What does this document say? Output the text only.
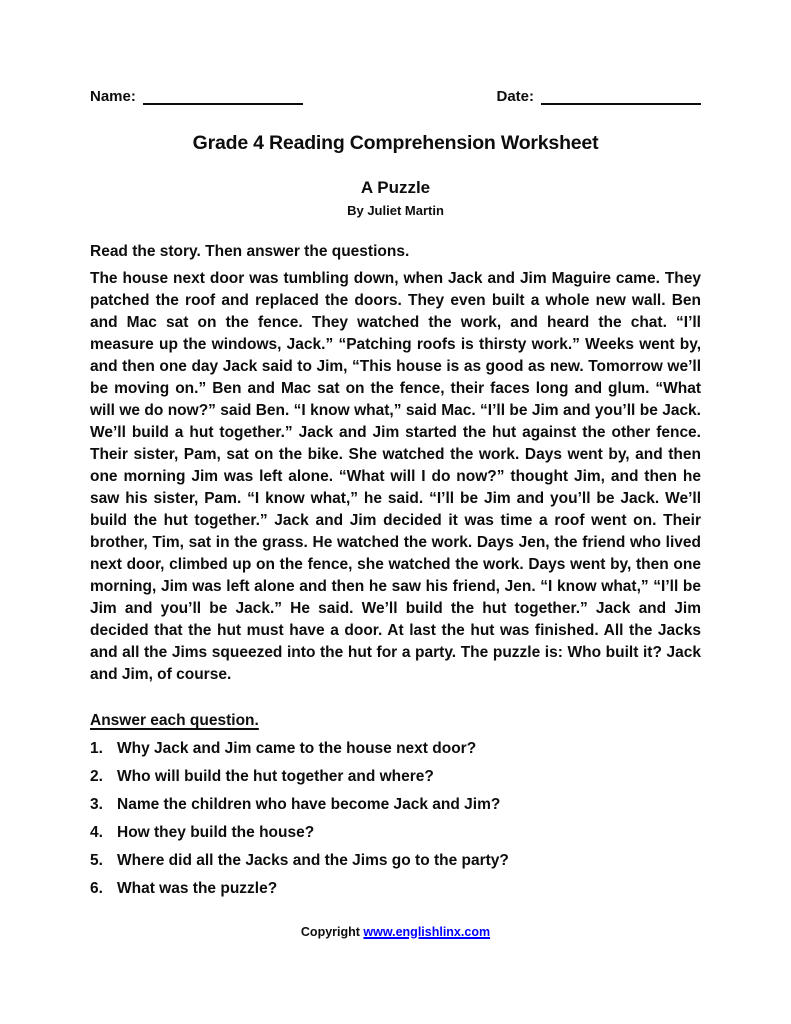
Name:	Date:
Grade 4 Reading Comprehension Worksheet
A Puzzle
By Juliet Martin
Read the story. Then answer the questions.

The house next door was tumbling down, when Jack and Jim Maguire came. They patched the roof and replaced the doors. They even built a whole new wall. Ben and Mac sat on the fence. They watched the work, and heard the chat. “I’ll measure up the windows, Jack.” “Patching roofs is thirsty work.” Weeks went by, and then one day Jack said to Jim, “This house is as good as new. Tomorrow we’ll be moving on.” Ben and Mac sat on the fence, their faces long and glum. “What will we do now?” said Ben. “I know what,” said Mac. “I’ll be Jim and you’ll be Jack. We’ll build a hut together.” Jack and Jim started the hut against the other fence. Their sister, Pam, sat on the bike. She watched the work. Days went by, and then one morning Jim was left alone. “What will I do now?” thought Jim, and then he saw his sister, Pam. “I know what,” he said. “I’ll be Jim and you’ll be Jack. We’ll build the hut together.” Jack and Jim decided it was time a roof went on. Their brother, Tim, sat in the grass. He watched the work. Days Jen, the friend who lived next door, climbed up on the fence, she watched the work. Days went by, then one morning, Jim was left alone and then he saw his friend, Jen. “I know what,” “I’ll be Jim and you’ll be Jack.” He said. We’ll build the hut together.” Jack and Jim decided that the hut must have a door. At last the hut was finished. All the Jacks and all the Jims squeezed into the hut for a party. The puzzle is: Who built it? Jack and Jim, of course.

Answer each question.
1. Why Jack and Jim came to the house next door?
2. Who will build the hut together and where?
3. Name the children who have become Jack and Jim?
4. How they build the house?
5. Where did all the Jacks and the Jims go to the party?
6. What was the puzzle?
Copyright www.englishlinx.com
